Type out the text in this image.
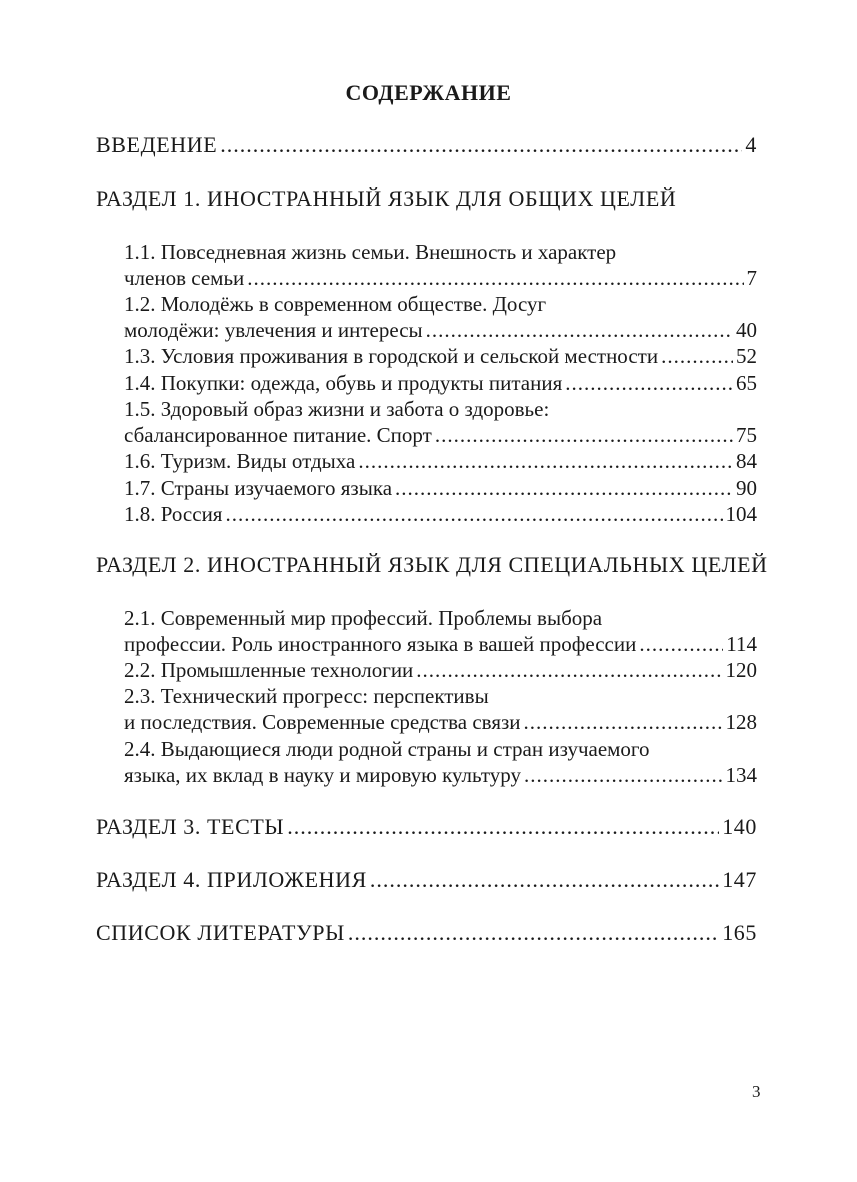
СОДЕРЖАНИЕ
ВВЕДЕНИЕ .....	4
РАЗДЕЛ 1. ИНОСТРАННЫЙ ЯЗЫК ДЛЯ ОБЩИХ ЦЕЛЕЙ
1.1. Повседневная жизнь семьи. Внешность и характер
членов семьи .....	7
1.2. Молодёжь в современном обществе. Досуг
молодёжи: увлечения и интересы .....	40
1.3. Условия проживания в городской и сельской местности .....	52
1.4. Покупки: одежда, обувь и продукты питания .....	65
1.5. Здоровый образ жизни и забота о здоровье:
сбалансированное питание. Спорт .....	75
1.6. Туризм. Виды отдыха .....	84
1.7. Страны изучаемого языка .....	90
1.8. Россия .....	104
РАЗДЕЛ 2. ИНОСТРАННЫЙ ЯЗЫК ДЛЯ СПЕЦИАЛЬНЫХ ЦЕЛЕЙ
2.1. Современный мир профессий. Проблемы выбора
профессии. Роль иностранного языка в вашей профессии .....	114
2.2. Промышленные технологии .....	120
2.3. Технический прогресс: перспективы
и последствия. Современные средства связи .....	128
2.4. Выдающиеся люди родной страны и стран изучаемого
языка, их вклад в науку и мировую культуру .....	134
РАЗДЕЛ 3. ТЕСТЫ .....	140
РАЗДЕЛ 4. ПРИЛОЖЕНИЯ .....	147
СПИСОК ЛИТЕРАТУРЫ .....	165
3
